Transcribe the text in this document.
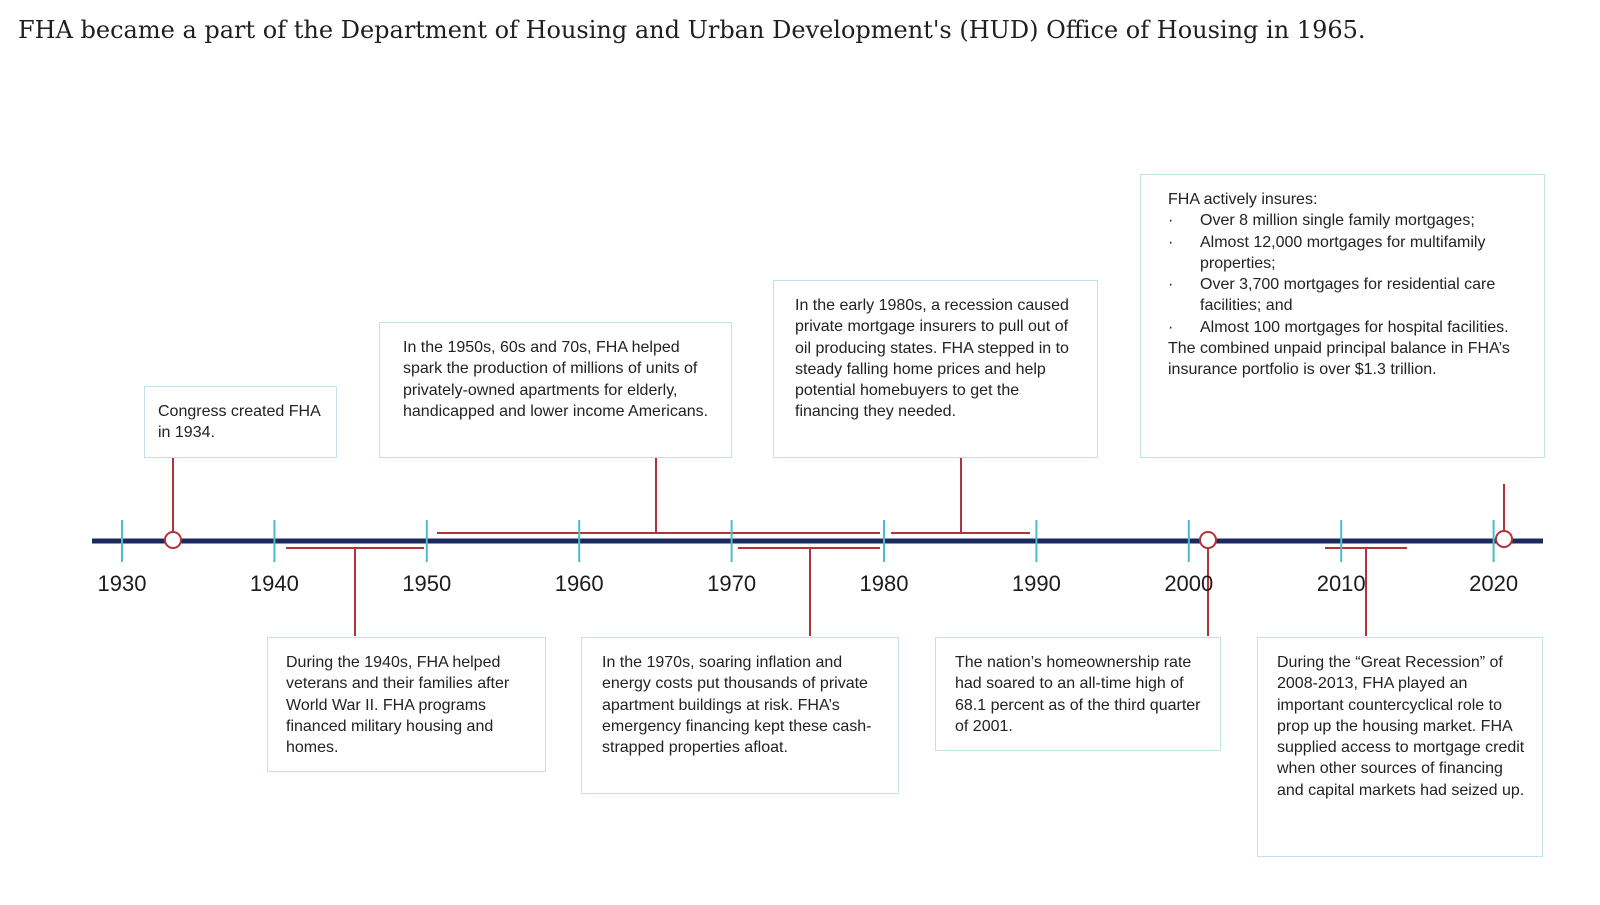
FHA became a part of the Department of Housing and Urban Development's (HUD) Office of Housing in 1965.
1930	1940	1950	1960	1970	1980	1990	2000	2010	2020

Congress created FHA in 1934.

During the 1940s, FHA helped veterans and their families after World War II. FHA programs financed military housing and homes.

In the 1950s, 60s and 70s, FHA helped spark the production of millions of units of privately-owned apartments for elderly, handicapped and lower income Americans.

In the 1970s, soaring inflation and energy costs put thousands of private apartment buildings at risk. FHA’s emergency financing kept these cash-strapped properties afloat.

In the early 1980s, a recession caused private mortgage insurers to pull out of oil producing states. FHA stepped in to steady falling home prices and help potential homebuyers to get the financing they needed.

The nation’s homeownership rate had soared to an all-time high of 68.1 percent as of the third quarter of 2001.

During the “Great Recession” of 2008-2013, FHA played an important countercyclical role to prop up the housing market. FHA supplied access to mortgage credit when other sources of financing and capital markets had seized up.

FHA actively insures:

· Over 8 million single family mortgages;
· Almost 12,000 mortgages for multifamily properties;
· Over 3,700 mortgages for residential care facilities; and
· Almost 100 mortgages for hospital facilities.

The combined unpaid principal balance in FHA’s insurance portfolio is over $1.3 trillion.
